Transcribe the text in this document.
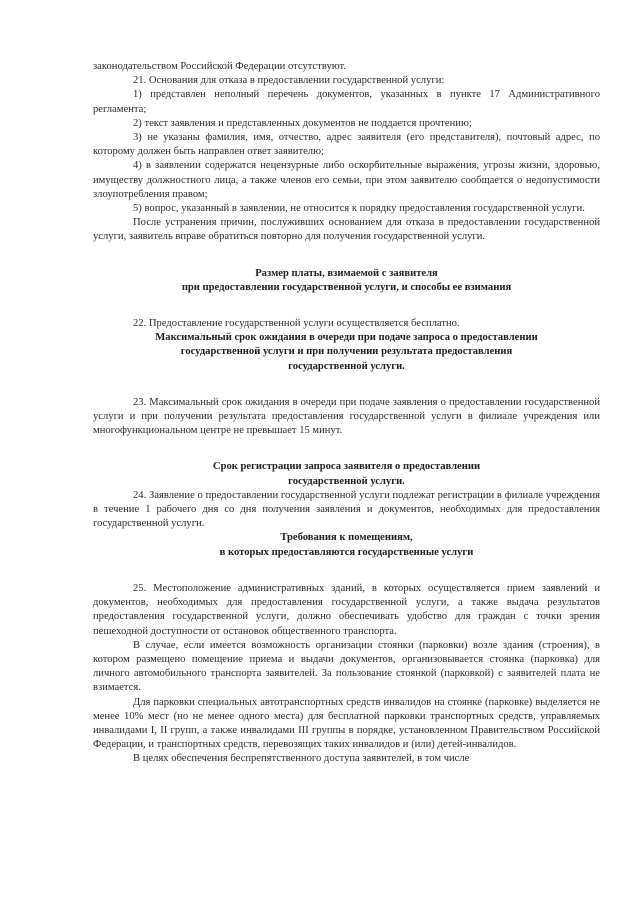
законодательством Российской Федерации отсутствуют.

21. Основания для отказа в предоставлении государственной услуги:

1) представлен неполный перечень документов, указанных в пункте 17 Административного регламента;

2) текст заявления и представленных документов не поддается прочтению;

3) не указаны фамилия, имя, отчество, адрес заявителя (его представителя), почтовый адрес, по которому должен быть направлен ответ заявителю;

4) в заявлении содержатся нецензурные либо оскорбительные выражения, угрозы жизни, здоровью, имуществу должностного лица, а также членов его семьи, при этом заявителю сообщается о недопустимости злоупотребления правом;

5) вопрос, указанный в заявлении, не относится к порядку предоставления государственной услуги.

После устранения причин, послуживших основанием для отказа в предоставлении государственной услуги, заявитель вправе обратиться повторно для получения государственной услуги.

Размер платы, взимаемой с заявителя

при предоставлении государственной услуги, и способы ее взимания

22. Предоставление государственной услуги осуществляется бесплатно.

Максимальный срок ожидания в очереди при подаче запроса о предоставлении

государственной услуги и при получении результата предоставления

государственной услуги.

23. Максимальный срок ожидания в очереди при подаче заявления о предоставлении государственной услуги и при получении результата предоставления государственной услуги в филиале учреждения или многофункциональном центре не превышает 15 минут.

Срок регистрации запроса заявителя о предоставлении

государственной услуги.

24. Заявление о предоставлении государственной услуги подлежат регистрации в филиале учреждения в течение 1 рабочего дня со дня получения заявления и документов, необходимых для предоставления государственной услуги.

Требования к помещениям,

в которых предоставляются государственные услуги

25. Местоположение административных зданий, в которых осуществляется прием заявлений и документов, необходимых для предоставления государственной услуги, а также выдача результатов предоставления государственной услуги, должно обеспечивать удобство для граждан с точки зрения пешеходной доступности от остановок общественного транспорта.

В случае, если имеется возможность организации стоянки (парковки) возле здания (строения), в котором размещено помещение приема и выдачи документов, организовывается стоянка (парковка) для личного автомобильного транспорта заявителей. За пользование стоянкой (парковкой) с заявителей плата не взимается.

Для парковки специальных автотранспортных средств инвалидов на стоянке (парковке) выделяется не менее 10% мест (но не менее одного места) для бесплатной парковки транспортных средств, управляемых инвалидами I, II групп, а также инвалидами III группы в порядке, установленном Правительством Российской Федерации, и транспортных средств, перевозящих таких инвалидов и (или) детей-инвалидов.

В целях обеспечения беспрепятственного доступа заявителей, в том числе
